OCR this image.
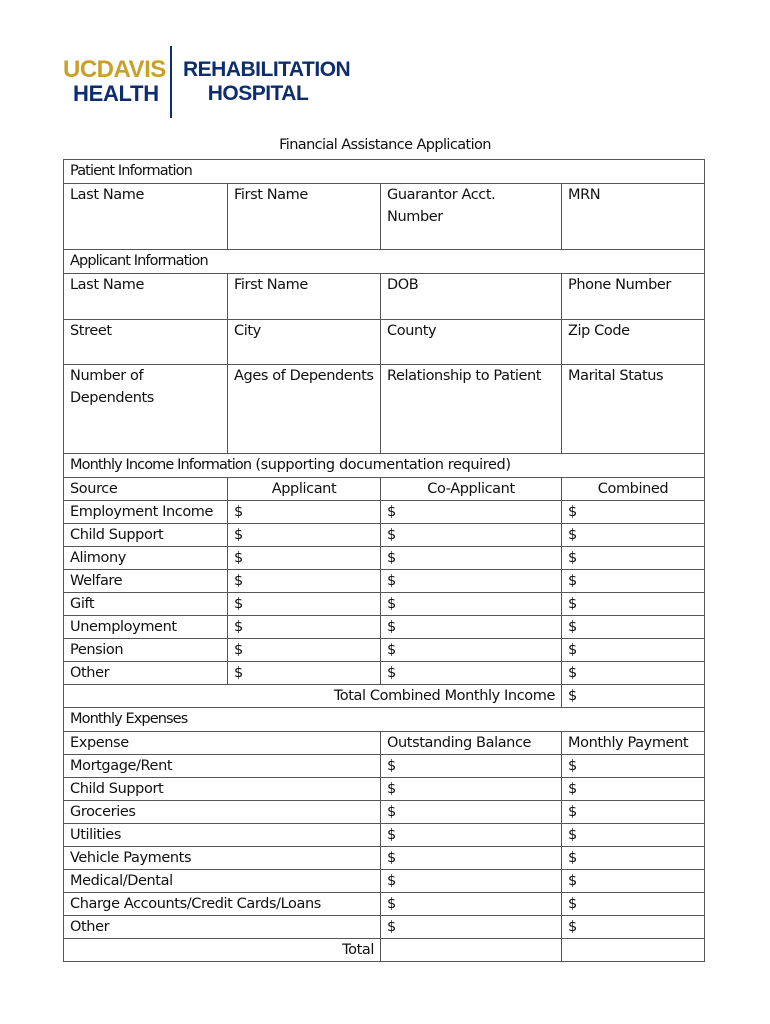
UCDAVIS
HEALTH
REHABILITATION
HOSPITAL
Financial Assistance Application
Patient Information			
Last Name	First Name	Guarantor Acct. Number	MRN
Applicant Information			
Last Name	First Name	DOB	Phone Number
Street	City	County	Zip Code
Number of Dependents	Ages of Dependents	Relationship to Patient	Marital Status
Monthly Income Information (supporting documentation required)			
Source	Applicant	Co-Applicant	Combined
Employment Income	$	$	$
Child Support	$	$	$
Alimony	$	$	$
Welfare	$	$	$
Gift	$	$	$
Unemployment	$	$	$
Pension	$	$	$
Other	$	$	$
Total Combined Monthly Income			$
Monthly Expenses			
Expense		Outstanding Balance	Monthly Payment
Mortgage/Rent		$	$
Child Support		$	$
Groceries		$	$
Utilities		$	$
Vehicle Payments		$	$
Medical/Dental		$	$
Charge Accounts/Credit Cards/Loans		$	$
Other		$	$
Total			
